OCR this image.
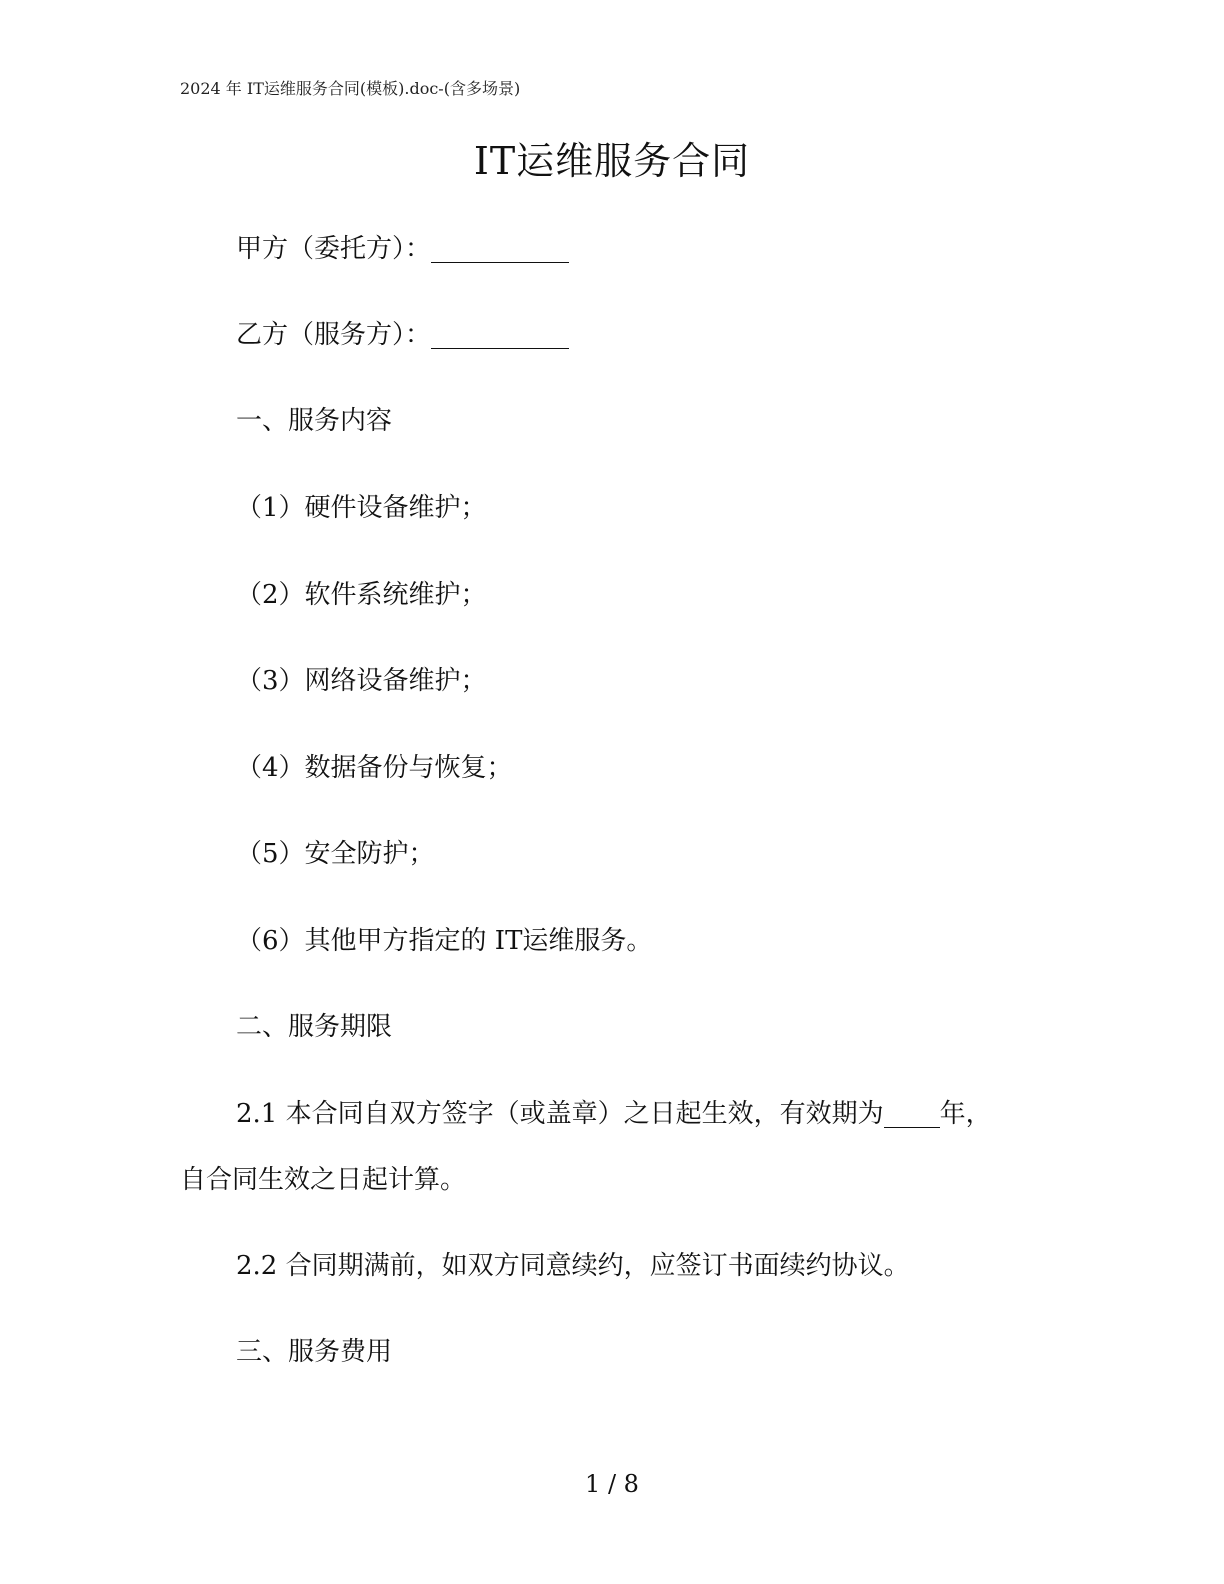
2024 年 IT运维服务合同(模板).doc-(含多场景)
IT运维服务合同
甲方（委托方）：
乙方（服务方）：
一、服务内容
（1）硬件设备维护；
（2）软件系统维护；
（3）网络设备维护；
（4）数据备份与恢复；
（5）安全防护；
（6）其他甲方指定的 IT运维服务。
二、服务期限
2.1 本合同自双方签字（或盖章）之日起生效，有效期为 年，
自合同生效之日起计算。
2.2 合同期满前，如双方同意续约，应签订书面续约协议。
三、服务费用
1 / 8
